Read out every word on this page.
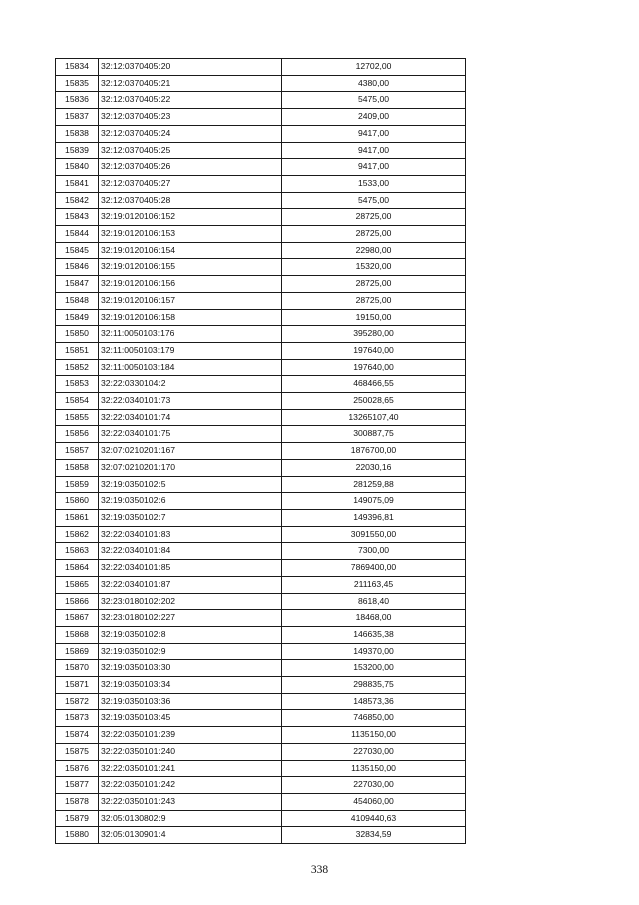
15834	32:12:0370405:20	12702,00
15835	32:12:0370405:21	4380,00
15836	32:12:0370405:22	5475,00
15837	32:12:0370405:23	2409,00
15838	32:12:0370405:24	9417,00
15839	32:12:0370405:25	9417,00
15840	32:12:0370405:26	9417,00
15841	32:12:0370405:27	1533,00
15842	32:12:0370405:28	5475,00
15843	32:19:0120106:152	28725,00
15844	32:19:0120106:153	28725,00
15845	32:19:0120106:154	22980,00
15846	32:19:0120106:155	15320,00
15847	32:19:0120106:156	28725,00
15848	32:19:0120106:157	28725,00
15849	32:19:0120106:158	19150,00
15850	32:11:0050103:176	395280,00
15851	32:11:0050103:179	197640,00
15852	32:11:0050103:184	197640,00
15853	32:22:0330104:2	468466,55
15854	32:22:0340101:73	250028,65
15855	32:22:0340101:74	13265107,40
15856	32:22:0340101:75	300887,75
15857	32:07:0210201:167	1876700,00
15858	32:07:0210201:170	22030,16
15859	32:19:0350102:5	281259,88
15860	32:19:0350102:6	149075,09
15861	32:19:0350102:7	149396,81
15862	32:22:0340101:83	3091550,00
15863	32:22:0340101:84	7300,00
15864	32:22:0340101:85	7869400,00
15865	32:22:0340101:87	211163,45
15866	32:23:0180102:202	8618,40
15867	32:23:0180102:227	18468,00
15868	32:19:0350102:8	146635,38
15869	32:19:0350102:9	149370,00
15870	32:19:0350103:30	153200,00
15871	32:19:0350103:34	298835,75
15872	32:19:0350103:36	148573,36
15873	32:19:0350103:45	746850,00
15874	32:22:0350101:239	1135150,00
15875	32:22:0350101:240	227030,00
15876	32:22:0350101:241	1135150,00
15877	32:22:0350101:242	227030,00
15878	32:22:0350101:243	454060,00
15879	32:05:0130802:9	4109440,63
15880	32:05:0130901:4	32834,59
338
